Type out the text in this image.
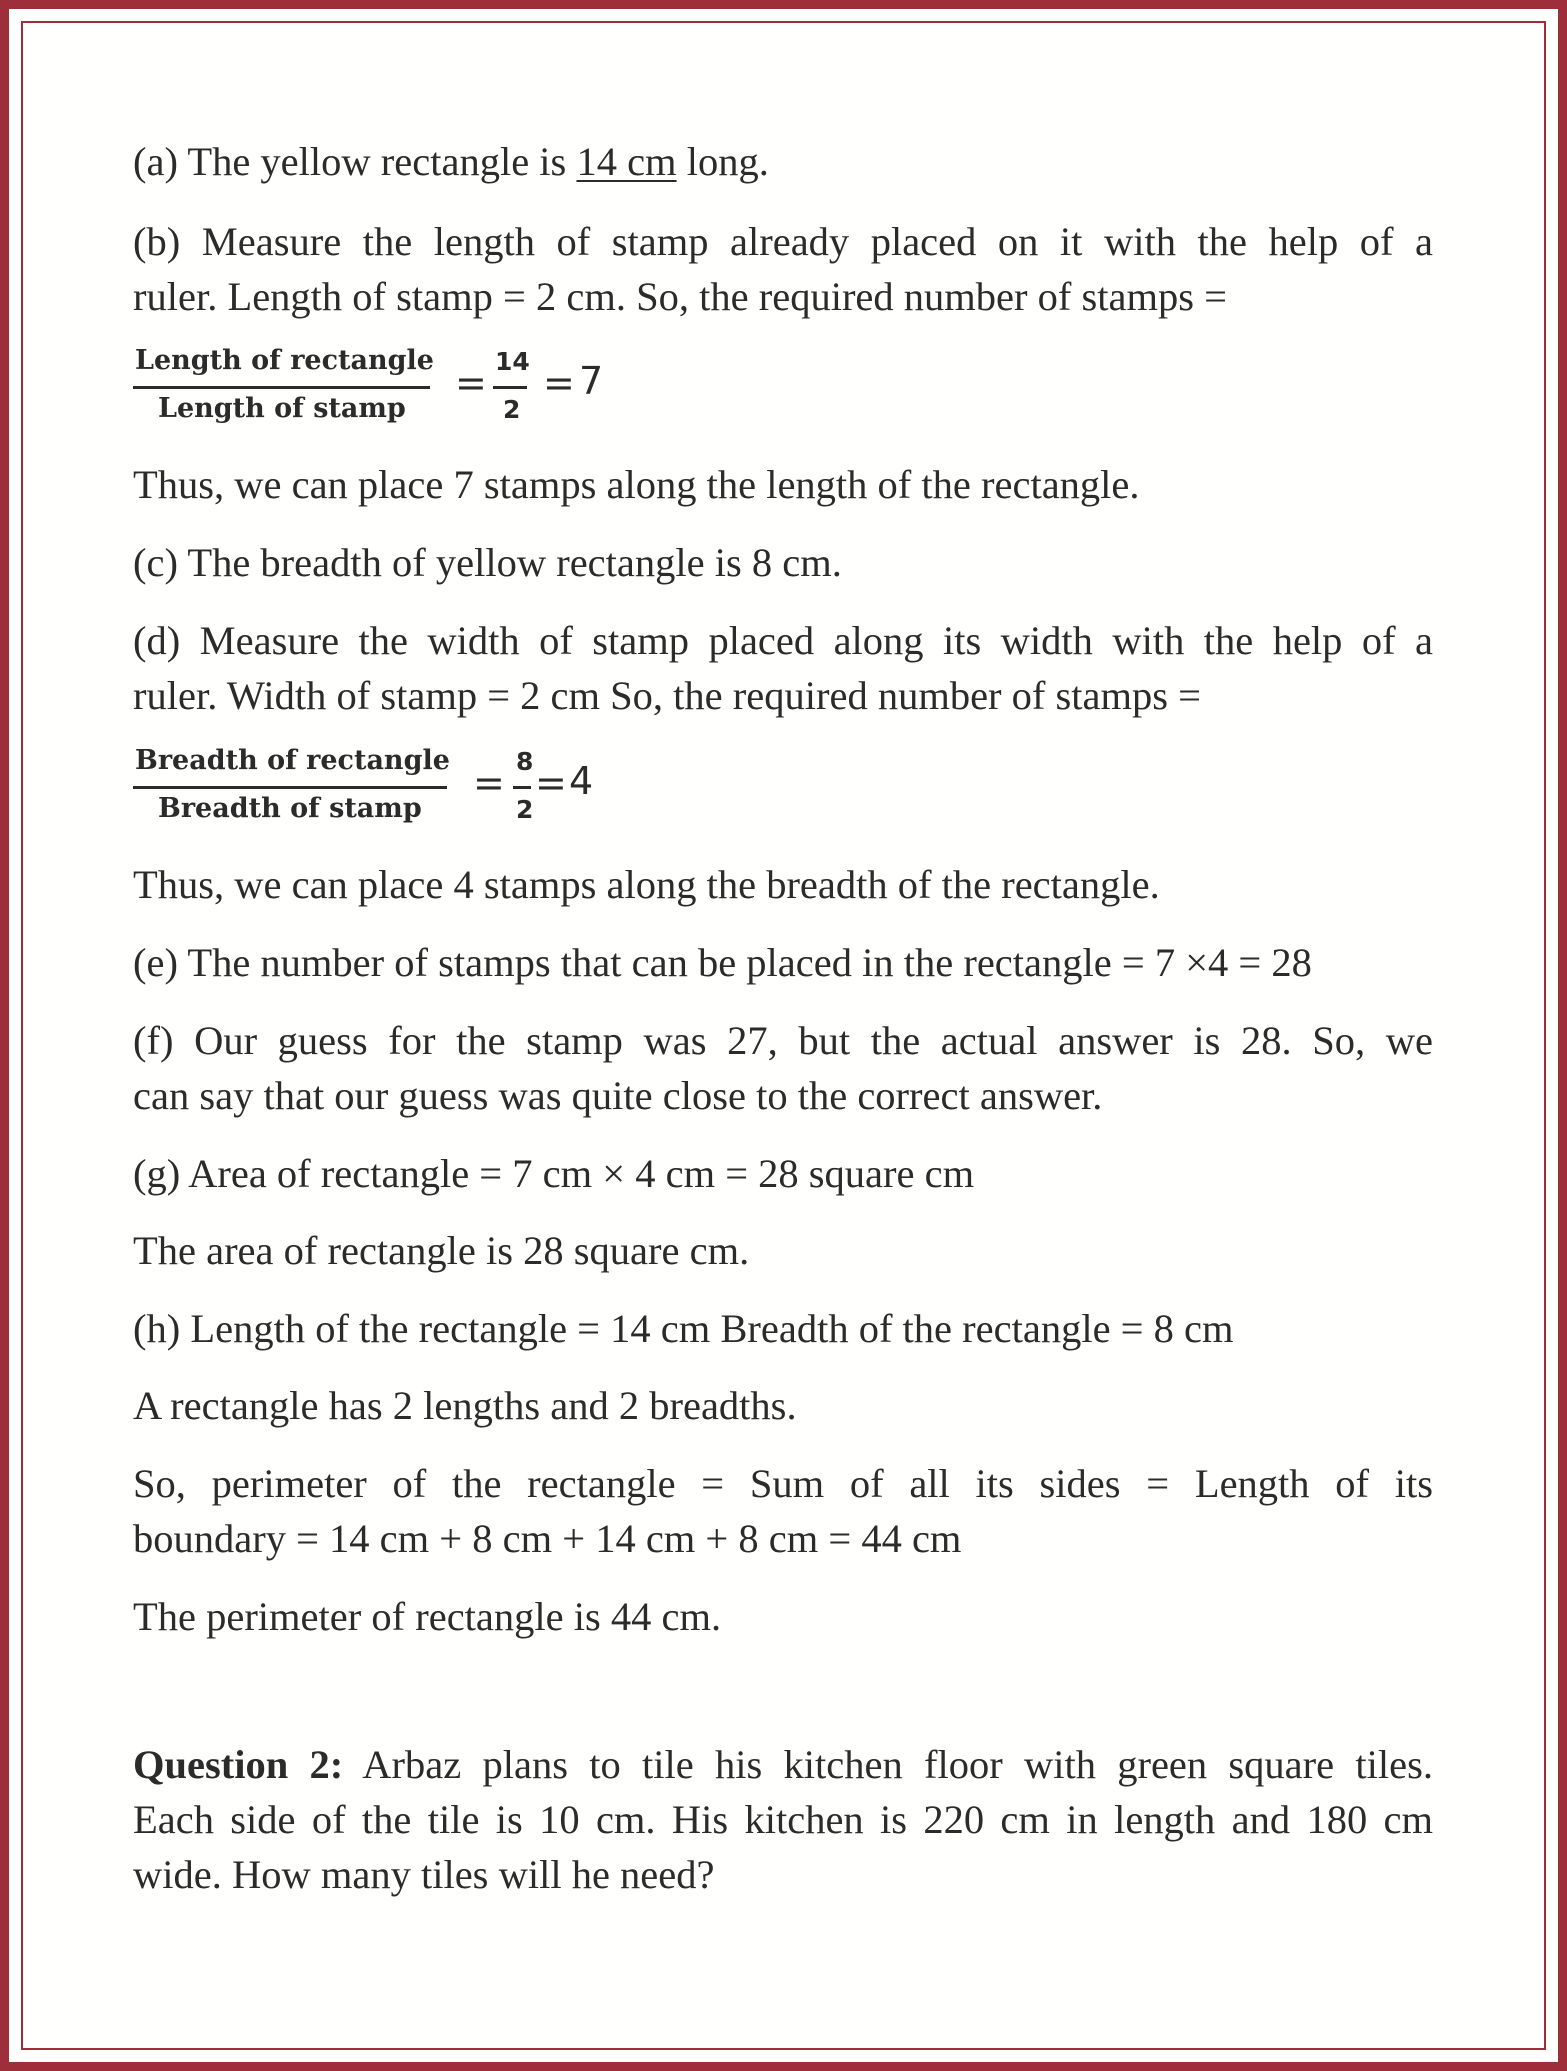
(a) The yellow rectangle is 14 cm long.
(b) Measure the length of stamp already placed on it with the help of a
ruler. Length of stamp = 2 cm. So, the required number of stamps =
Length of rectangle
Length of stamp
= 14
2
= 7
Thus, we can place 7 stamps along the length of the rectangle.
(c) The breadth of yellow rectangle is 8 cm.
(d) Measure the width of stamp placed along its width with the help of a
ruler. Width of stamp = 2 cm So, the required number of stamps =
Breadth of rectangle
Breadth of stamp
= 8
2
= 4
Thus, we can place 4 stamps along the breadth of the rectangle.
(e) The number of stamps that can be placed in the rectangle = 7 ×4 = 28
(f) Our guess for the stamp was 27, but the actual answer is 28. So, we
can say that our guess was quite close to the correct answer.
(g) Area of rectangle = 7 cm × 4 cm = 28 square cm
The area of rectangle is 28 square cm.
(h) Length of the rectangle = 14 cm Breadth of the rectangle = 8 cm
A rectangle has 2 lengths and 2 breadths.
So, perimeter of the rectangle = Sum of all its sides = Length of its
boundary = 14 cm + 8 cm + 14 cm + 8 cm = 44 cm
The perimeter of rectangle is 44 cm.
Question 2: Arbaz plans to tile his kitchen floor with green square tiles.
Each side of the tile is 10 cm. His kitchen is 220 cm in length and 180 cm
wide. How many tiles will he need?
